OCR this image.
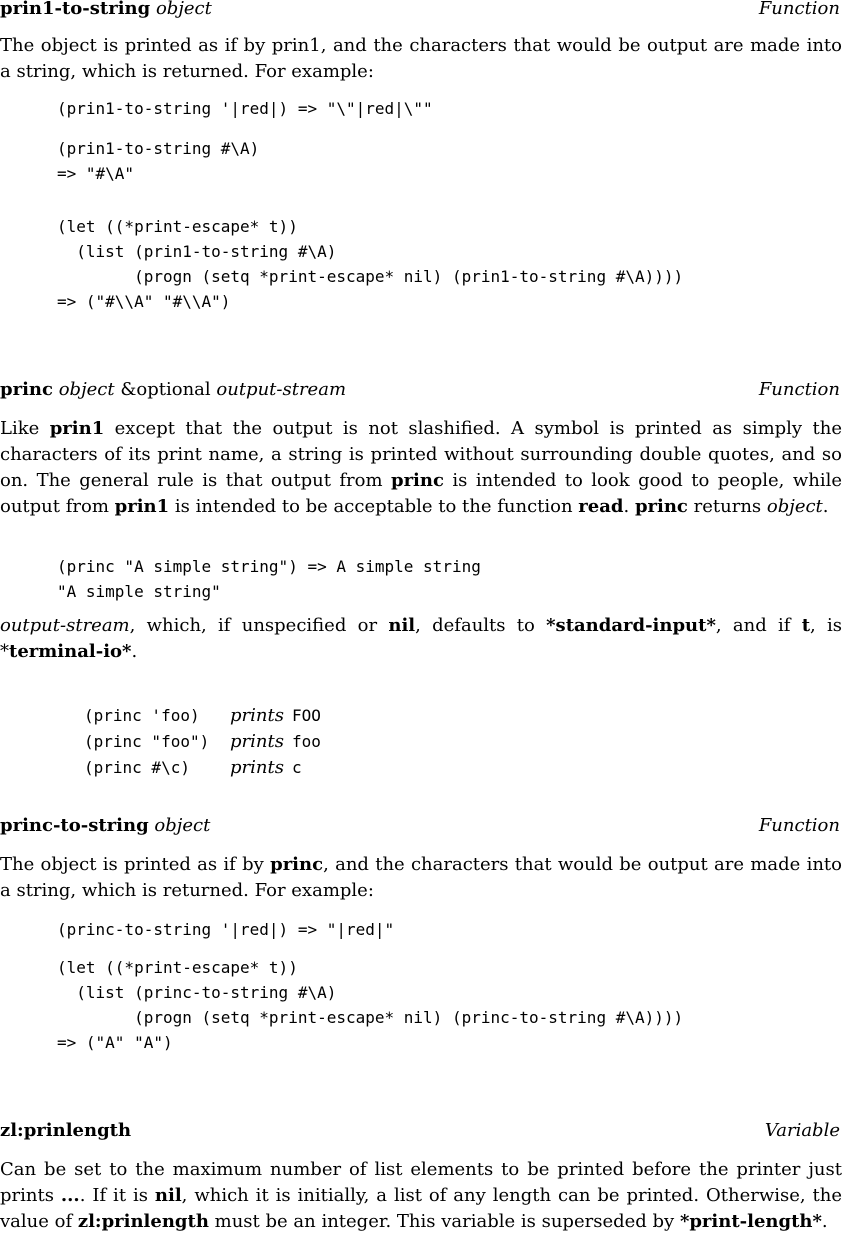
prin1-to-string object	Function
The object is printed as if by prin1, and the characters that would be output are made into a string, which is returned. For example:
(prin1-to-string '|red|) => "\"|red|\""
(prin1-to-string #\A)
=> "#\A"
(let ((*print-escape* t))
(list (prin1-to-string #\A)
(progn (setq *print-escape* nil) (prin1-to-string #\A))))
=> ("#\\A" "#\\A")
princ object &optional output-stream	Function
Like prin1 except that the output is not slashified. A symbol is printed as simply the characters of its print name, a string is printed without surrounding double quotes, and so on. The general rule is that output from princ is intended to look good to people, while output from prin1 is intended to be acceptable to the function read. princ returns object.
(princ "A simple string") => A simple string
"A simple string"
output-stream, which, if unspecified or nil, defaults to *standard-input*, and if t, is *terminal-io*.

(princ 'foo) prints FOO

(princ "foo") prints foo

(princ #\c) prints c

princ-to-string object	Function
The object is printed as if by princ, and the characters that would be output are made into a string, which is returned. For example:
(princ-to-string '|red|) => "|red|"
(let ((*print-escape* t))
(list (princ-to-string #\A)
(progn (setq *print-escape* nil) (princ-to-string #\A))))
=> ("A" "A")
zl:prinlength	Variable
Can be set to the maximum number of list elements to be printed before the printer just prints .... If it is nil, which it is initially, a list of any length can be printed. Otherwise, the value of zl:prinlength must be an integer. This variable is superseded by *print-length*.
